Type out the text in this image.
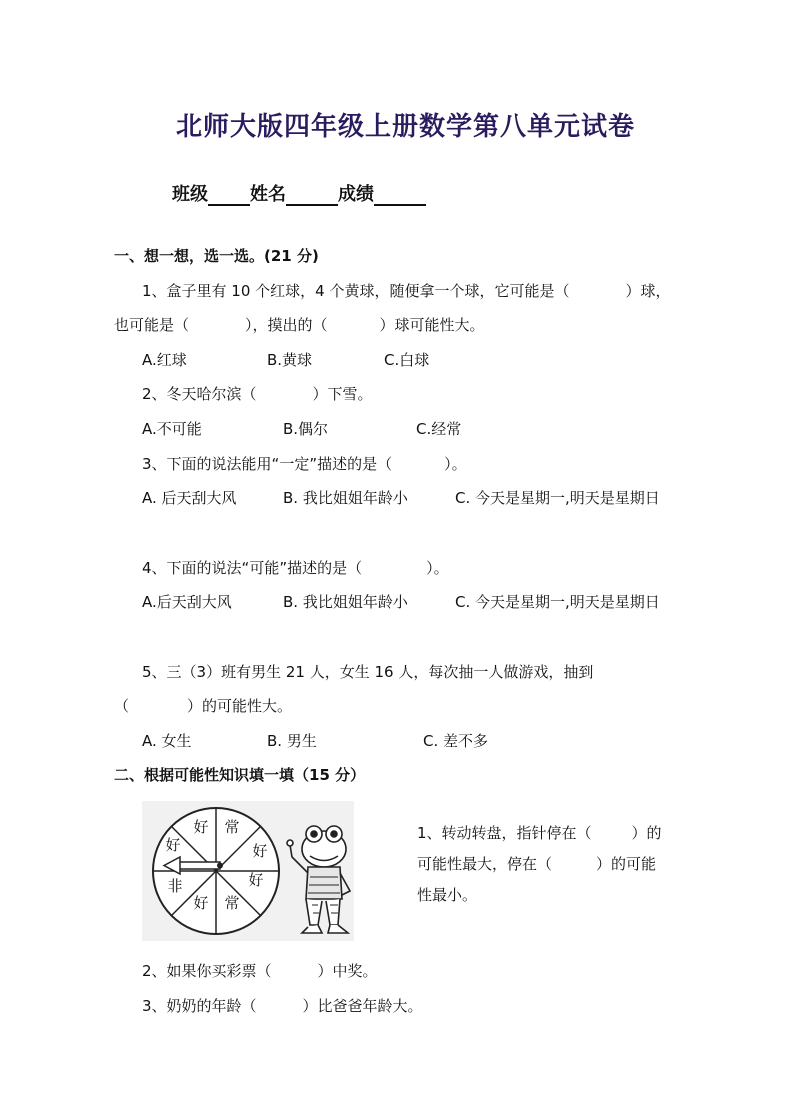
北师大版四年级上册数学第八单元试卷
班级 姓名	成绩
一、想一想，选一选。(21 分)
1、盒子里有 10 个红球，4 个黄球，随便拿一个球，它可能是（	）球，
也可能是（	），摸出的（	）球可能性大。
A.红球	B.黄球	C.白球
2、冬天哈尔滨（	）下雪。
A.不可能	B.偶尔	C.经常
3、下面的说法能用“一定”描述的是（	）。
A. 后天刮大风	B. 我比姐姐年龄小	C. 今天是星期一,明天是星期日
4、下面的说法“可能”描述的是（	）。
A.后天刮大风	B. 我比姐姐年龄小	C. 今天是星期一,明天是星期日
5、三（3）班有男生 21 人，女生 16 人，每次抽一人做游戏，抽到
（	）的可能性大。
A. 女生	B. 男生	C. 差不多
二、根据可能性知识填一填（15 分）
好 常
好
好
常
好
非
好
1、转动转盘，指针停在（	）的
可能性最大，停在（	）的可能
性最小。
2、如果你买彩票（	）中奖。
3、奶奶的年龄（	）比爸爸年龄大。
